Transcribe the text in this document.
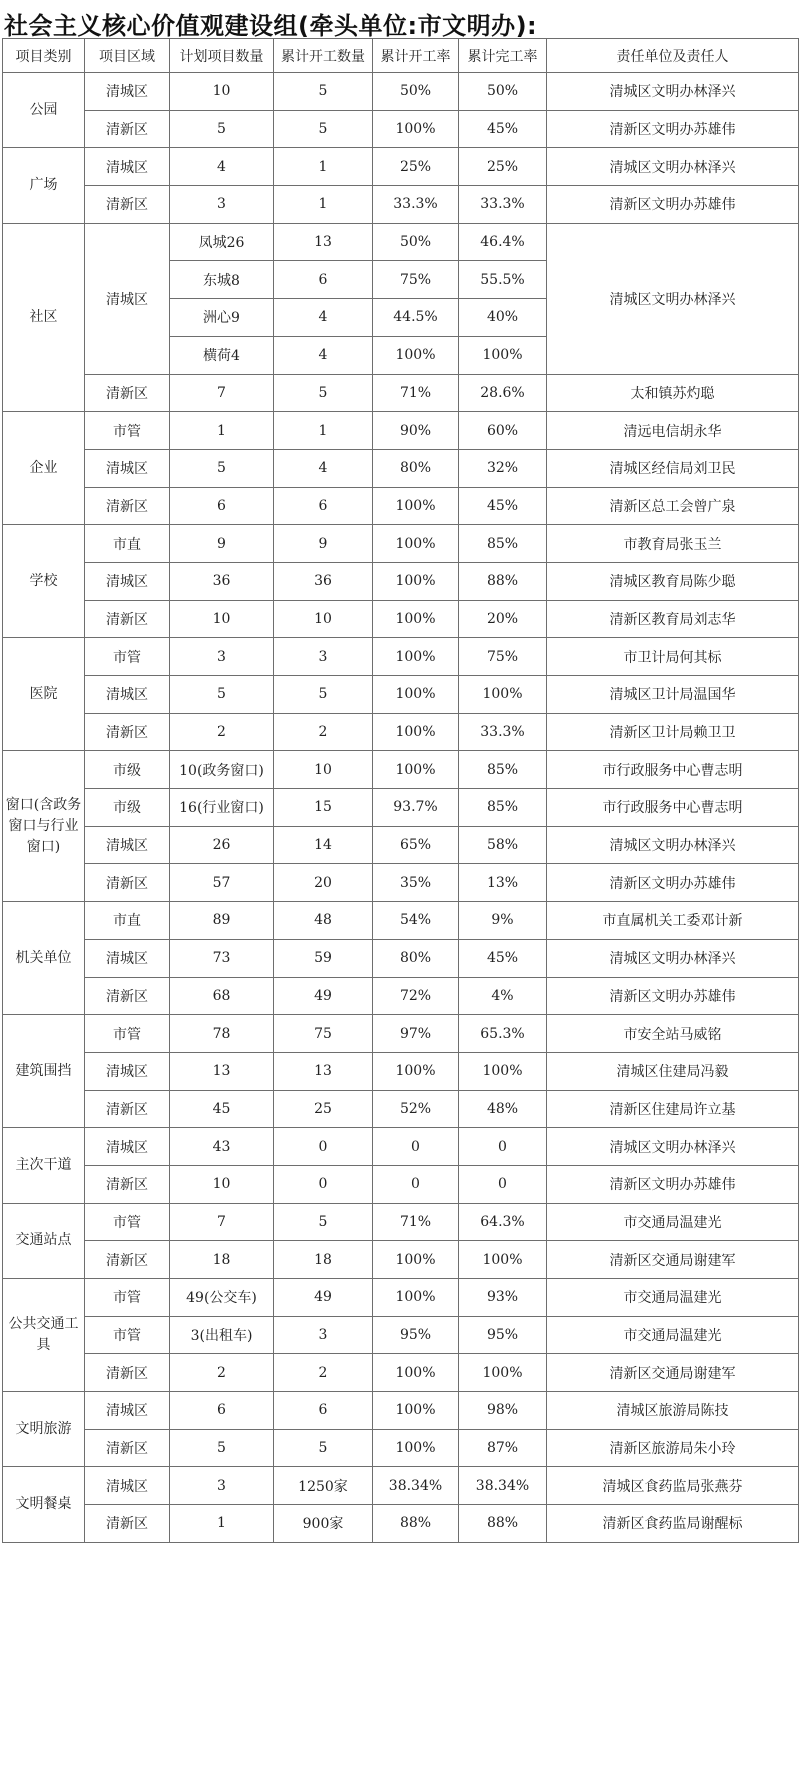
社会主义核心价值观建设组(牵头单位:市文明办):
项目类别	项目区域	计划项目数量	累计开工数量	累计开工率	累计完工率	责任单位及责任人
公园	清城区	10	5	50%	50%	清城区文明办林泽兴
	清新区	5	5	100%	45%	清新区文明办苏雄伟
广场	清城区	4	1	25%	25%	清城区文明办林泽兴
	清新区	3	1	33.3%	33.3%	清新区文明办苏雄伟
社区	清城区	凤城26	13	50%	46.4%	清城区文明办林泽兴
		东城8	6	75%	55.5%	
		洲心9	4	44.5%	40%	
		横荷4	4	100%	100%	
	清新区	7	5	71%	28.6%	太和镇苏灼聪
企业	市管	1	1	90%	60%	清远电信胡永华
	清城区	5	4	80%	32%	清城区经信局刘卫民
	清新区	6	6	100%	45%	清新区总工会曾广泉
学校	市直	9	9	100%	85%	市教育局张玉兰
	清城区	36	36	100%	88%	清城区教育局陈少聪
	清新区	10	10	100%	20%	清新区教育局刘志华
医院	市管	3	3	100%	75%	市卫计局何其标
	清城区	5	5	100%	100%	清城区卫计局温国华
	清新区	2	2	100%	33.3%	清新区卫计局赖卫卫
窗口(含政务窗口与行业窗口)	市级	10(政务窗口)	10	100%	85%	市行政服务中心曹志明
	市级	16(行业窗口)	15	93.7%	85%	市行政服务中心曹志明
	清城区	26	14	65%	58%	清城区文明办林泽兴
	清新区	57	20	35%	13%	清新区文明办苏雄伟
机关单位	市直	89	48	54%	9%	市直属机关工委邓计新
	清城区	73	59	80%	45%	清城区文明办林泽兴
	清新区	68	49	72%	4%	清新区文明办苏雄伟
建筑围挡	市管	78	75	97%	65.3%	市安全站马威铭
	清城区	13	13	100%	100%	清城区住建局冯毅
	清新区	45	25	52%	48%	清新区住建局许立基
主次干道	清城区	43	0	0	0	清城区文明办林泽兴
	清新区	10	0	0	0	清新区文明办苏雄伟
交通站点	市管	7	5	71%	64.3%	市交通局温建光
	清新区	18	18	100%	100%	清新区交通局谢建军
公共交通工具	市管	49(公交车)	49	100%	93%	市交通局温建光
	市管	3(出租车)	3	95%	95%	市交通局温建光
	清新区	2	2	100%	100%	清新区交通局谢建军
文明旅游	清城区	6	6	100%	98%	清城区旅游局陈技
	清新区	5	5	100%	87%	清新区旅游局朱小玲
文明餐桌	清城区	3	1250家	38.34%	38.34%	清城区食药监局张燕芬
	清新区	1	900家	88%	88%	清新区食药监局谢醒标
